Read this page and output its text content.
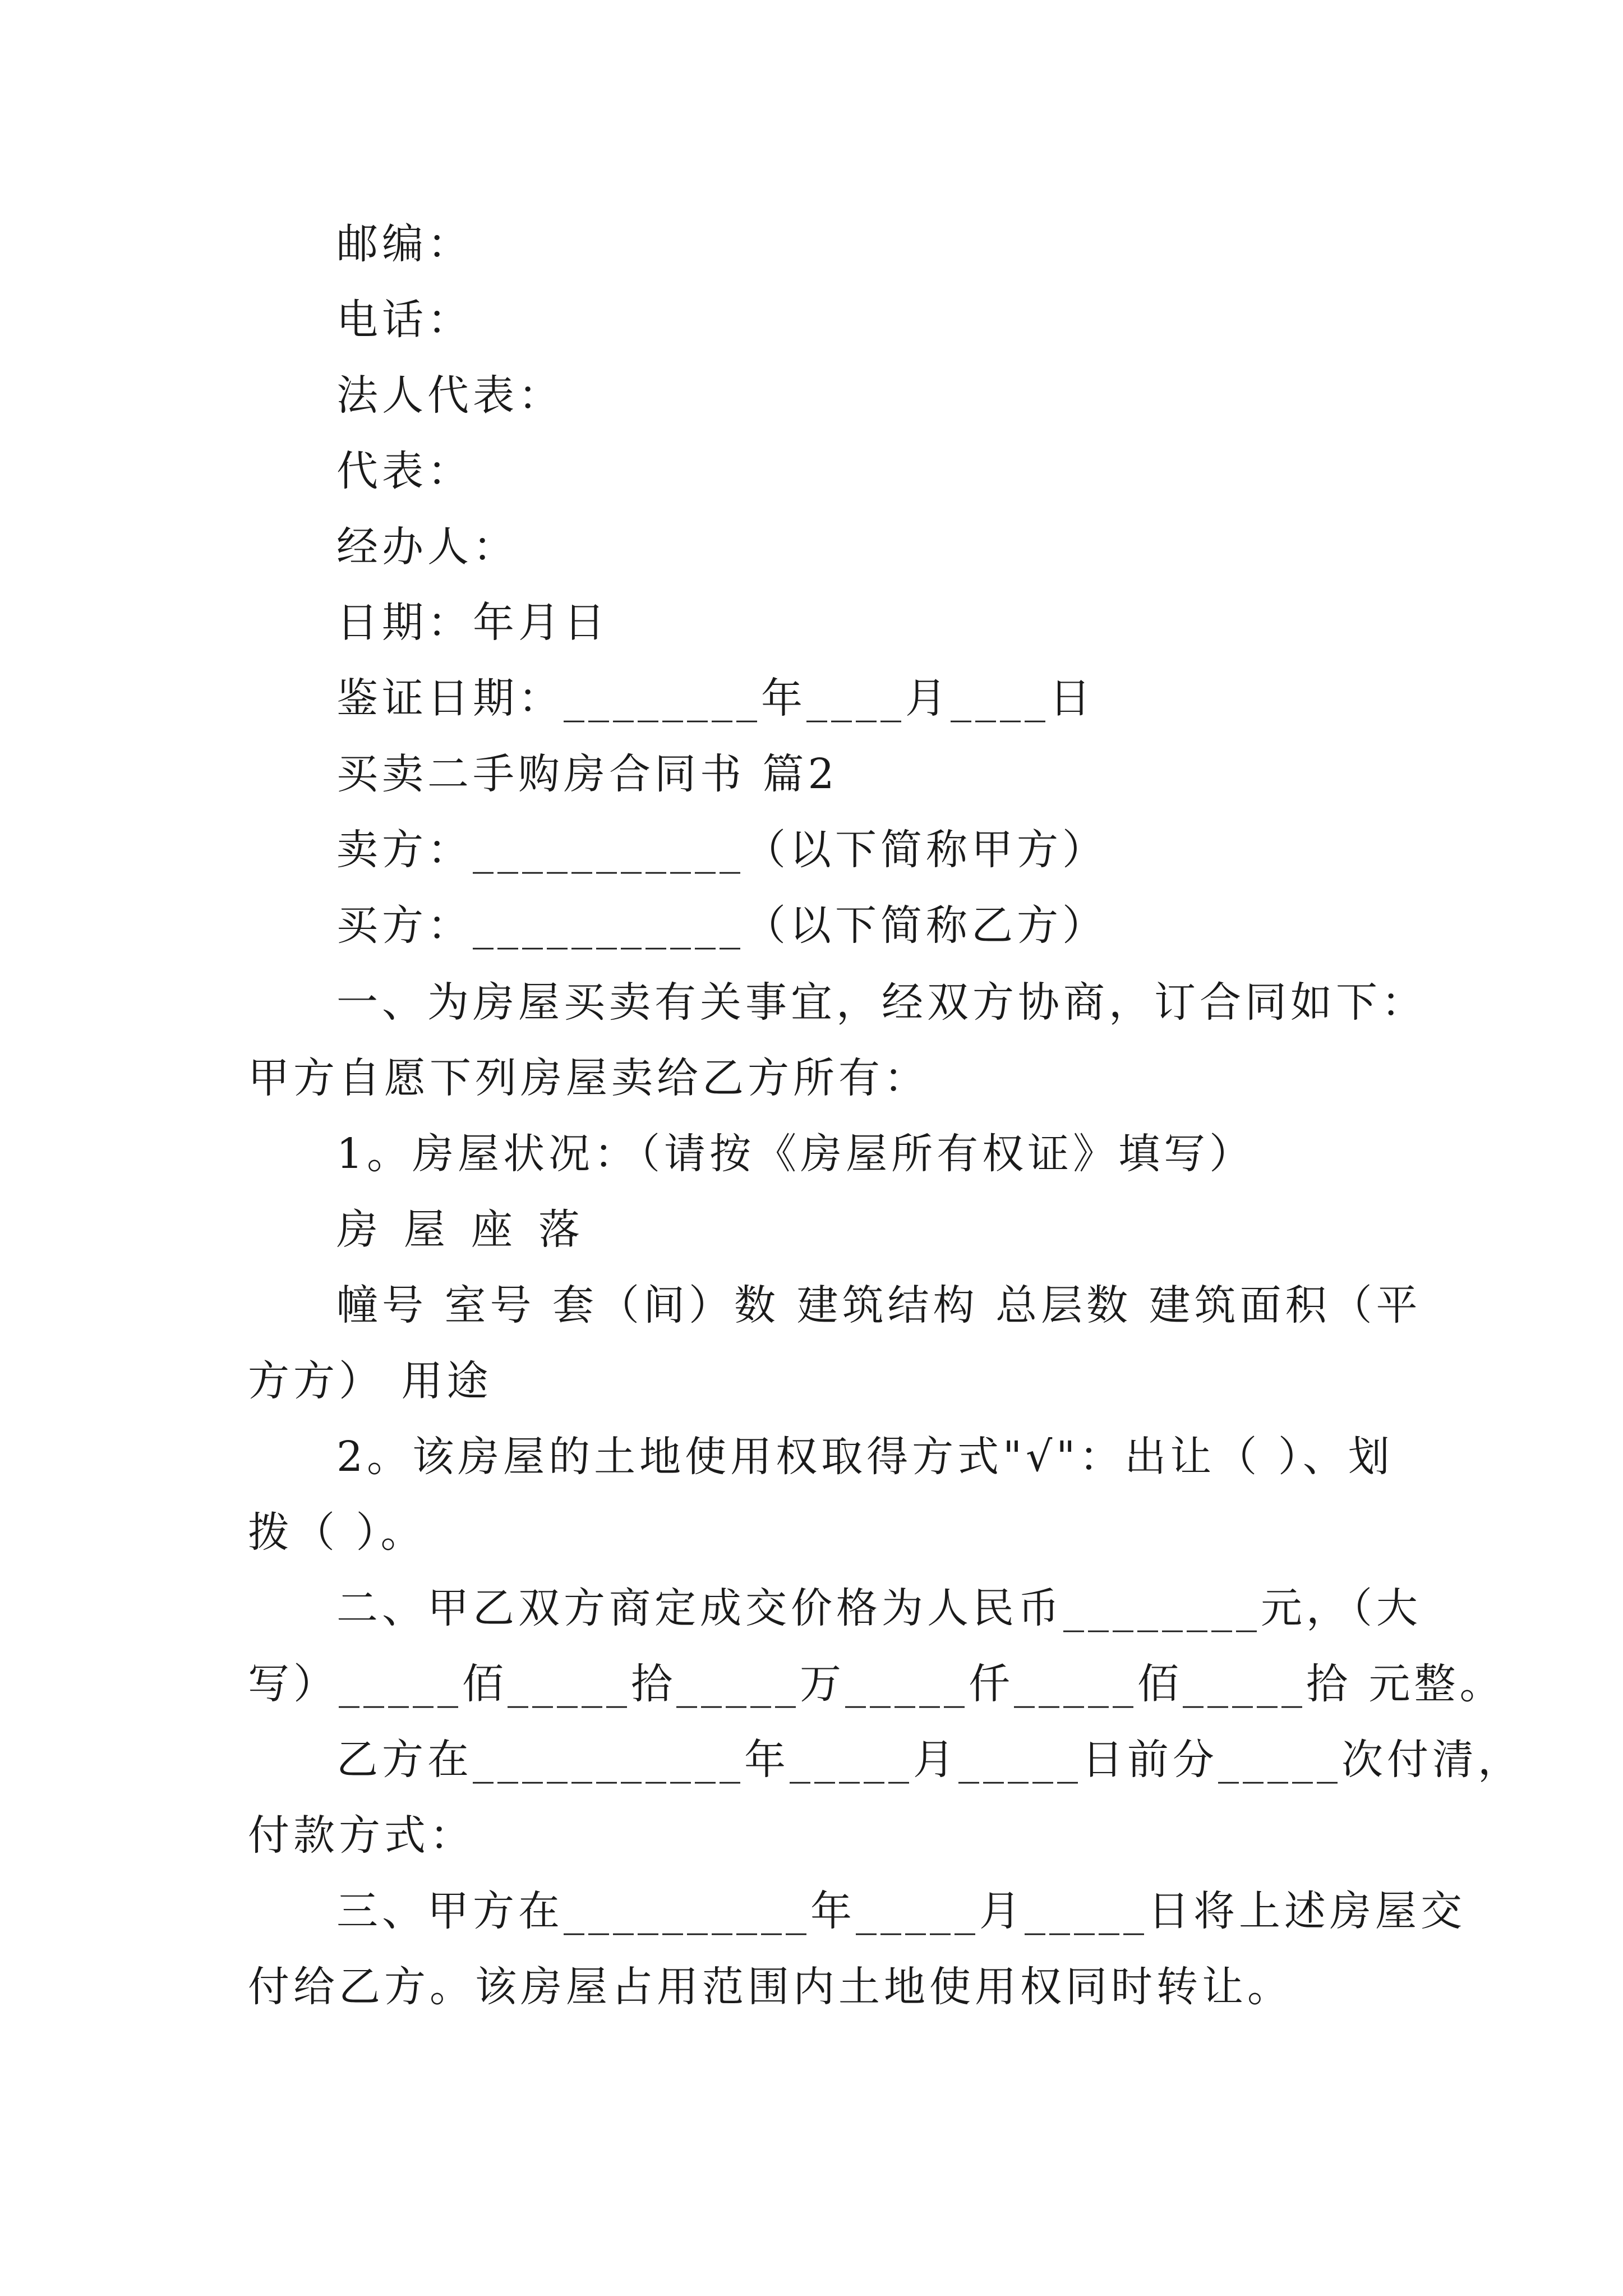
邮编：
电话：
法人代表：
代表：
经办人：
日期：年月日
鉴证日期：________年____月____日
买卖二手购房合同书 篇2
卖方：___________（以下简称甲方）
买方：___________（以下简称乙方）
一、为房屋买卖有关事宜，经双方协商，订合同如下：
甲方自愿下列房屋卖给乙方所有：
1。房屋状况：（请按《房屋所有权证》填写）
房屋座落
幢号 室号 套（间）数 建筑结构 总层数 建筑面积（平
方方） 用途
2。该房屋的土地使用权取得方式"√"：出让（ ）、划
拨（ ）。
二、甲乙双方商定成交价格为人民币________元，（大
写）_____佰_____拾_____万_____仟_____佰_____拾 元整。
乙方在___________年_____月_____日前分_____次付清，
付款方式：
三、甲方在__________年_____月_____日将上述房屋交
付给乙方。该房屋占用范围内土地使用权同时转让。
